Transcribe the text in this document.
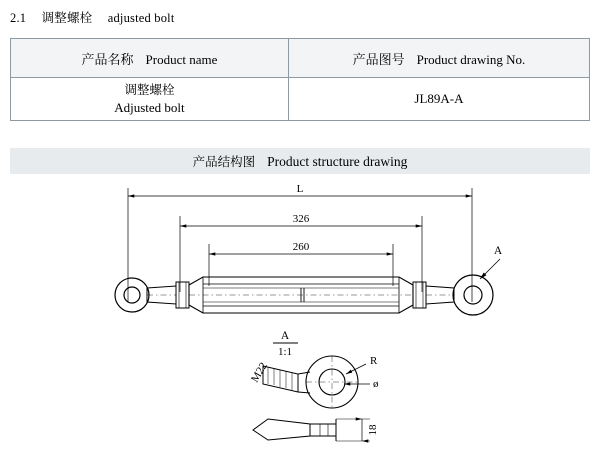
2.1 调整螺栓 adjusted bolt
产品名称 Product name	产品图号 Product drawing No.

调整螺栓
Adjusted bolt	JL89A-A
产品结构图 Product structure drawing
L
326
260	A
A
1:1
M22	R
ø
18
